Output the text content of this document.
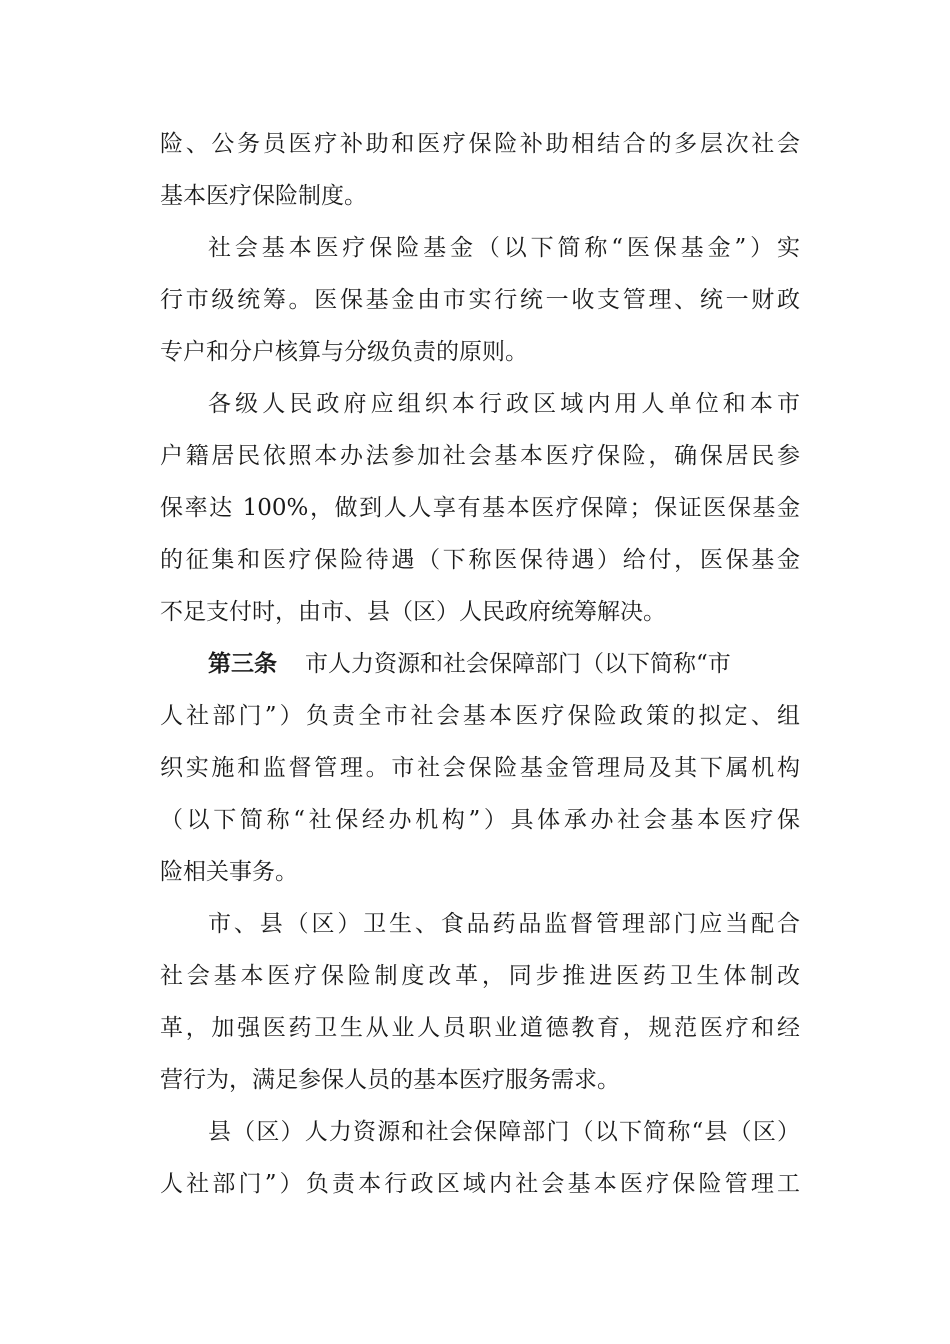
险、公务员医疗补助和医疗保险补助相结合的多层次社会
基本医疗保险制度。
社会基本医疗保险基金（以下简称“医保基金”）实
行市级统筹。医保基金由市实行统一收支管理、统一财政
专户和分户核算与分级负责的原则。
各级人民政府应组织本行政区域内用人单位和本市
户籍居民依照本办法参加社会基本医疗保险，确保居民参
保率达 100%，做到人人享有基本医疗保障；保证医保基金
的征集和医疗保险待遇（下称医保待遇）给付，医保基金
不足支付时，由市、县（区）人民政府统筹解决。
第三条 市人力资源和社会保障部门（以下简称“市
人社部门”）负责全市社会基本医疗保险政策的拟定、组
织实施和监督管理。市社会保险基金管理局及其下属机构
（以下简称“社保经办机构”）具体承办社会基本医疗保
险相关事务。
市、县（区）卫生、食品药品监督管理部门应当配合
社会基本医疗保险制度改革，同步推进医药卫生体制改
革，加强医药卫生从业人员职业道德教育，规范医疗和经
营行为，满足参保人员的基本医疗服务需求。
县（区）人力资源和社会保障部门（以下简称“县（区）
人社部门”）负责本行政区域内社会基本医疗保险管理工
